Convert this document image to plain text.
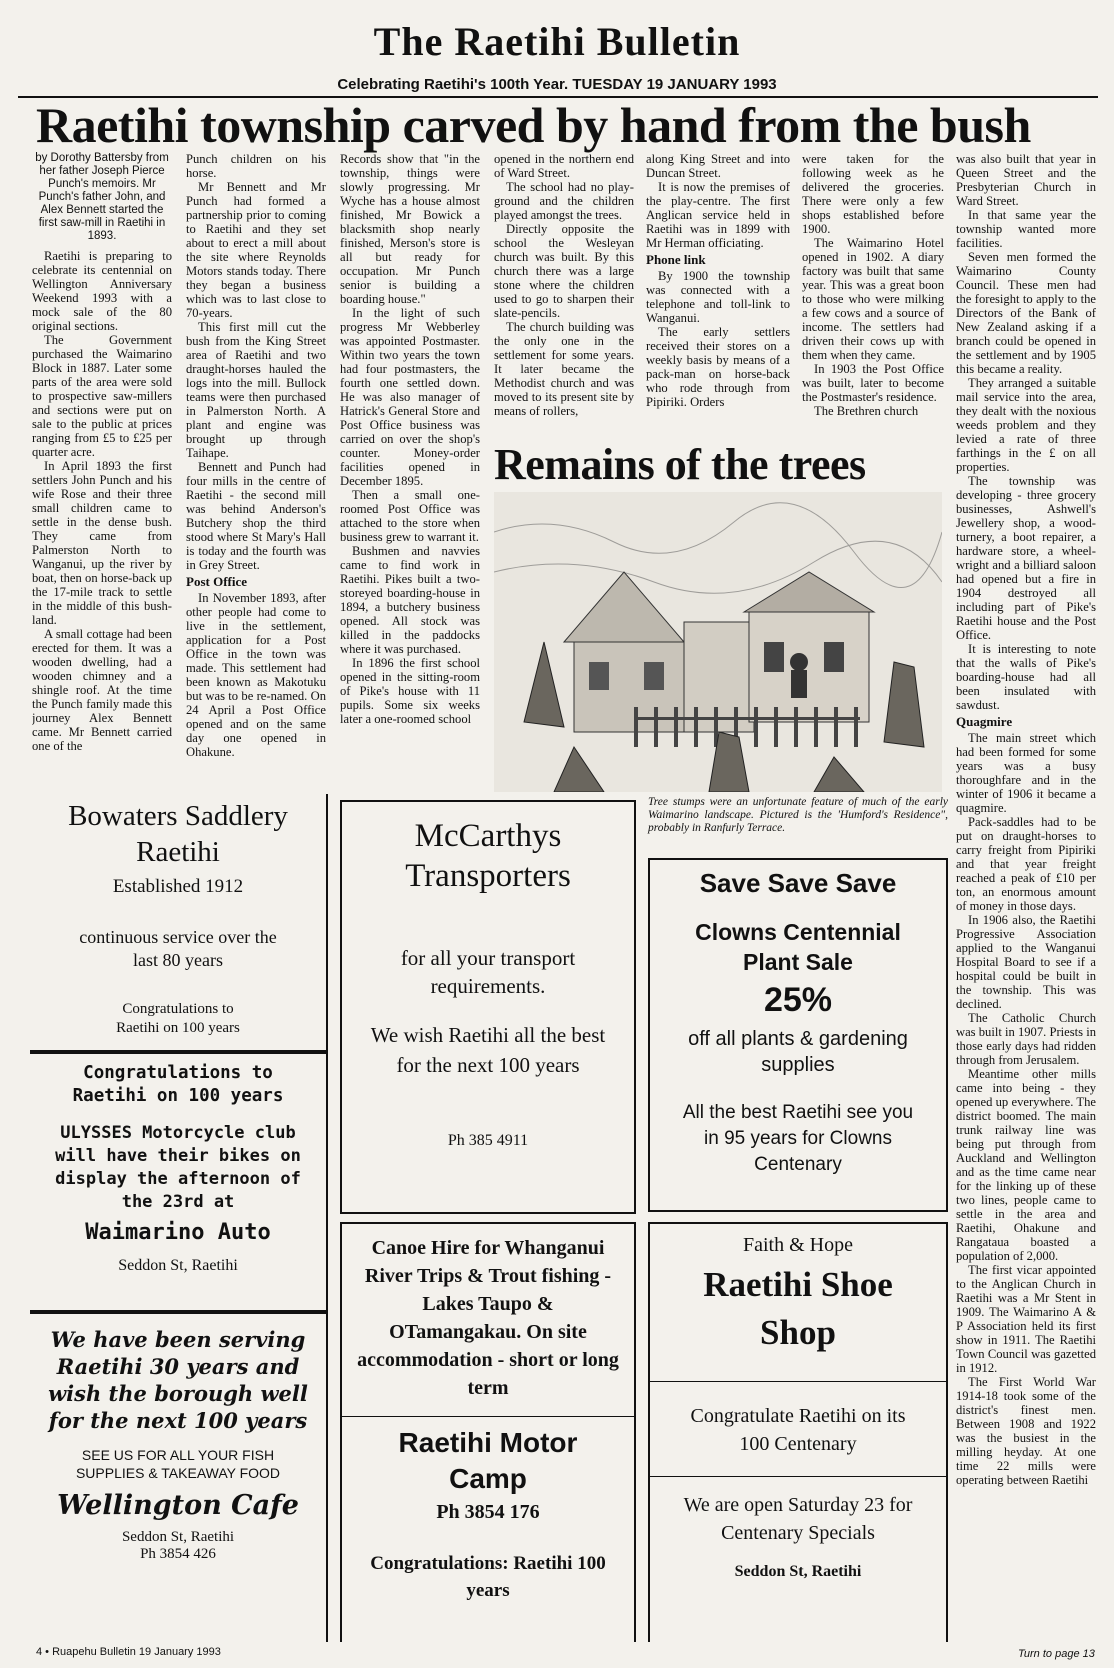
The Raetihi Bulletin
Celebrating Raetihi's 100th Year. TUESDAY 19 JANUARY 1993
Raetihi township carved by hand from the bush
by Dorothy Battersby from her father Joseph Pierce Punch's memoirs. Mr Punch's father John, and Alex Bennett started the first saw-mill in Raetihi in 1893.

Raetihi is preparing to celebrate its centennial on Wellington Anniversary Weekend 1993 with a mock sale of the 80 original sections.

The Government purchased the Waimarino Block in 1887. Later some parts of the area were sold to prospective saw-millers and sections were put on sale to the public at prices ranging from £5 to £25 per quarter acre.

In April 1893 the first settlers John Punch and his wife Rose and their three small children came to settle in the dense bush. They came from Palmerston North to Wanganui, up the river by boat, then on horse-back up the 17-mile track to settle in the middle of this bush-land.

A small cottage had been erected for them. It was a wooden dwelling, had a wooden chimney and a shingle roof. At the time the Punch family made this journey Alex Bennett came. Mr Bennett carried one of the

Punch children on his horse.

Mr Bennett and Mr Punch had formed a partnership prior to coming to Raetihi and they set about to erect a mill about the site where Reynolds Motors stands today. There they began a business which was to last close to 70-years.

This first mill cut the bush from the King Street area of Raetihi and two draught-horses hauled the logs into the mill. Bullock teams were then purchased in Palmerston North. A plant and engine was brought up through Taihape.

Bennett and Punch had four mills in the centre of Raetihi - the second mill was behind Anderson's Butchery shop the third stood where St Mary's Hall is today and the fourth was in Grey Street.

Post Office

In November 1893, after other people had come to live in the settlement, application for a Post Office in the town was made. This settlement had been known as Makotuku but was to be re-named. On 24 April a Post Office opened and on the same day one opened in Ohakune.

Records show that "in the township, things were slowly progressing. Mr Wyche has a house almost finished, Mr Bowick a blacksmith shop nearly finished, Merson's store is all but ready for occupation. Mr Punch senior is building a boarding house."

In the light of such progress Mr Webberley was appointed Postmaster. Within two years the town had four postmasters, the fourth one settled down. He was also manager of Hatrick's General Store and Post Office business was carried on over the shop's counter. Money-order facilities opened in December 1895.

Then a small one-roomed Post Office was attached to the store when business grew to warrant it.

Bushmen and navvies came to find work in Raetihi. Pikes built a two-storeyed boarding-house in 1894, a butchery business opened. All stock was killed in the paddocks where it was purchased.

In 1896 the first school opened in the sitting-room of Pike's house with 11 pupils. Some six weeks later a one-roomed school

opened in the northern end of Ward Street.

The school had no play-ground and the children played amongst the trees.

Directly opposite the school the Wesleyan church was built. By this church there was a large stone where the children used to go to sharpen their slate-pencils.

The church building was the only one in the settlement for some years. It later became the Methodist church and was moved to its present site by means of rollers,

along King Street and into Duncan Street.

It is now the premises of the play-centre. The first Anglican service held in Raetihi was in 1899 with Mr Herman officiating.

Phone link

By 1900 the township was connected with a telephone and toll-link to Wanganui.

The early settlers received their stores on a weekly basis by means of a pack-man on horse-back who rode through from Pipiriki. Orders

were taken for the following week as he delivered the groceries. There were only a few shops established before 1900.

The Waimarino Hotel opened in 1902. A diary factory was built that same year. This was a great boon to those who were milking a few cows and a source of income. The settlers had driven their cows up with them when they came.

In 1903 the Post Office was built, later to become the Postmaster's residence.

The Brethren church

was also built that year in Queen Street and the Presbyterian Church in Ward Street.

In that same year the township wanted more facilities.

Seven men formed the Waimarino County Council. These men had the foresight to apply to the Directors of the Bank of New Zealand asking if a branch could be opened in the settlement and by 1905 this became a reality.

They arranged a suitable mail service into the area, they dealt with the noxious weeds problem and they levied a rate of three farthings in the £ on all properties.

The township was developing - three grocery businesses, Ashwell's Jewellery shop, a wood-turnery, a boot repairer, a hardware store, a wheel-wright and a billiard saloon had opened but a fire in 1904 destroyed all including part of Pike's Raetihi house and the Post Office.

It is interesting to note that the walls of Pike's boarding-house had all been insulated with sawdust.

Quagmire

The main street which had been formed for some years was a busy thoroughfare and in the winter of 1906 it became a quagmire.

Pack-saddles had to be put on draught-horses to carry freight from Pipiriki and that year freight reached a peak of £10 per ton, an enormous amount of money in those days.

In 1906 also, the Raetihi Progressive Association applied to the Wanganui Hospital Board to see if a hospital could be built in the township. This was declined.

The Catholic Church was built in 1907. Priests in those early days had ridden through from Jerusalem.

Meantime other mills came into being - they opened up everywhere. The district boomed. The main trunk railway line was being put through from Auckland and Wellington and as the time came near for the linking up of these two lines, people came to settle in the area and Raetihi, Ohakune and Rangataua boasted a population of 2,000.

The first vicar appointed to the Anglican Church in Raetihi was a Mr Stent in 1909. The Waimarino A & P Association held its first show in 1911. The Raetihi Town Council was gazetted in 1912.

The First World War 1914-18 took some of the district's finest men. Between 1908 and 1922 was the busiest in the milling heyday. At one time 22 mills were operating between Raetihi

Remains of the trees
Tree stumps were an unfortunate feature of much of the early Waimarino landscape. Pictured is the 'Humford's Residence", probably in Ranfurly Terrace.
Bowaters Saddlery Raetihi
Established 1912
continuous service over the last 80 years
Congratulations to Raetihi on 100 years
Congratulations to Raetihi on 100 years
ULYSSES Motorcycle club will have their bikes on display the afternoon of the 23rd at
Waimarino Auto
Seddon St, Raetihi
We have been serving Raetihi 30 years and wish the borough well for the next 100 years
SEE US FOR ALL YOUR FISH SUPPLIES & TAKEAWAY FOOD
Wellington Cafe
Seddon St, Raetihi
Ph 3854 426
McCarthys Transporters
for all your transport requirements.
We wish Raetihi all the best for the next 100 years
Ph 385 4911
Canoe Hire for Whanganui River Trips & Trout fishing - Lakes Taupo & OTamangakau. On site accommodation - short or long term
Raetihi Motor Camp
Ph 3854 176
Congratulations: Raetihi 100 years
Save Save Save
Clowns Centennial Plant Sale
25%
off all plants & gardening supplies
All the best Raetihi see you in 95 years for Clowns Centenary
Faith & Hope
Raetihi Shoe Shop
Congratulate Raetihi on its 100 Centenary
We are open Saturday 23 for Centenary Specials
Seddon St, Raetihi
4 • Ruapehu Bulletin 19 January 1993	Turn to page 13
